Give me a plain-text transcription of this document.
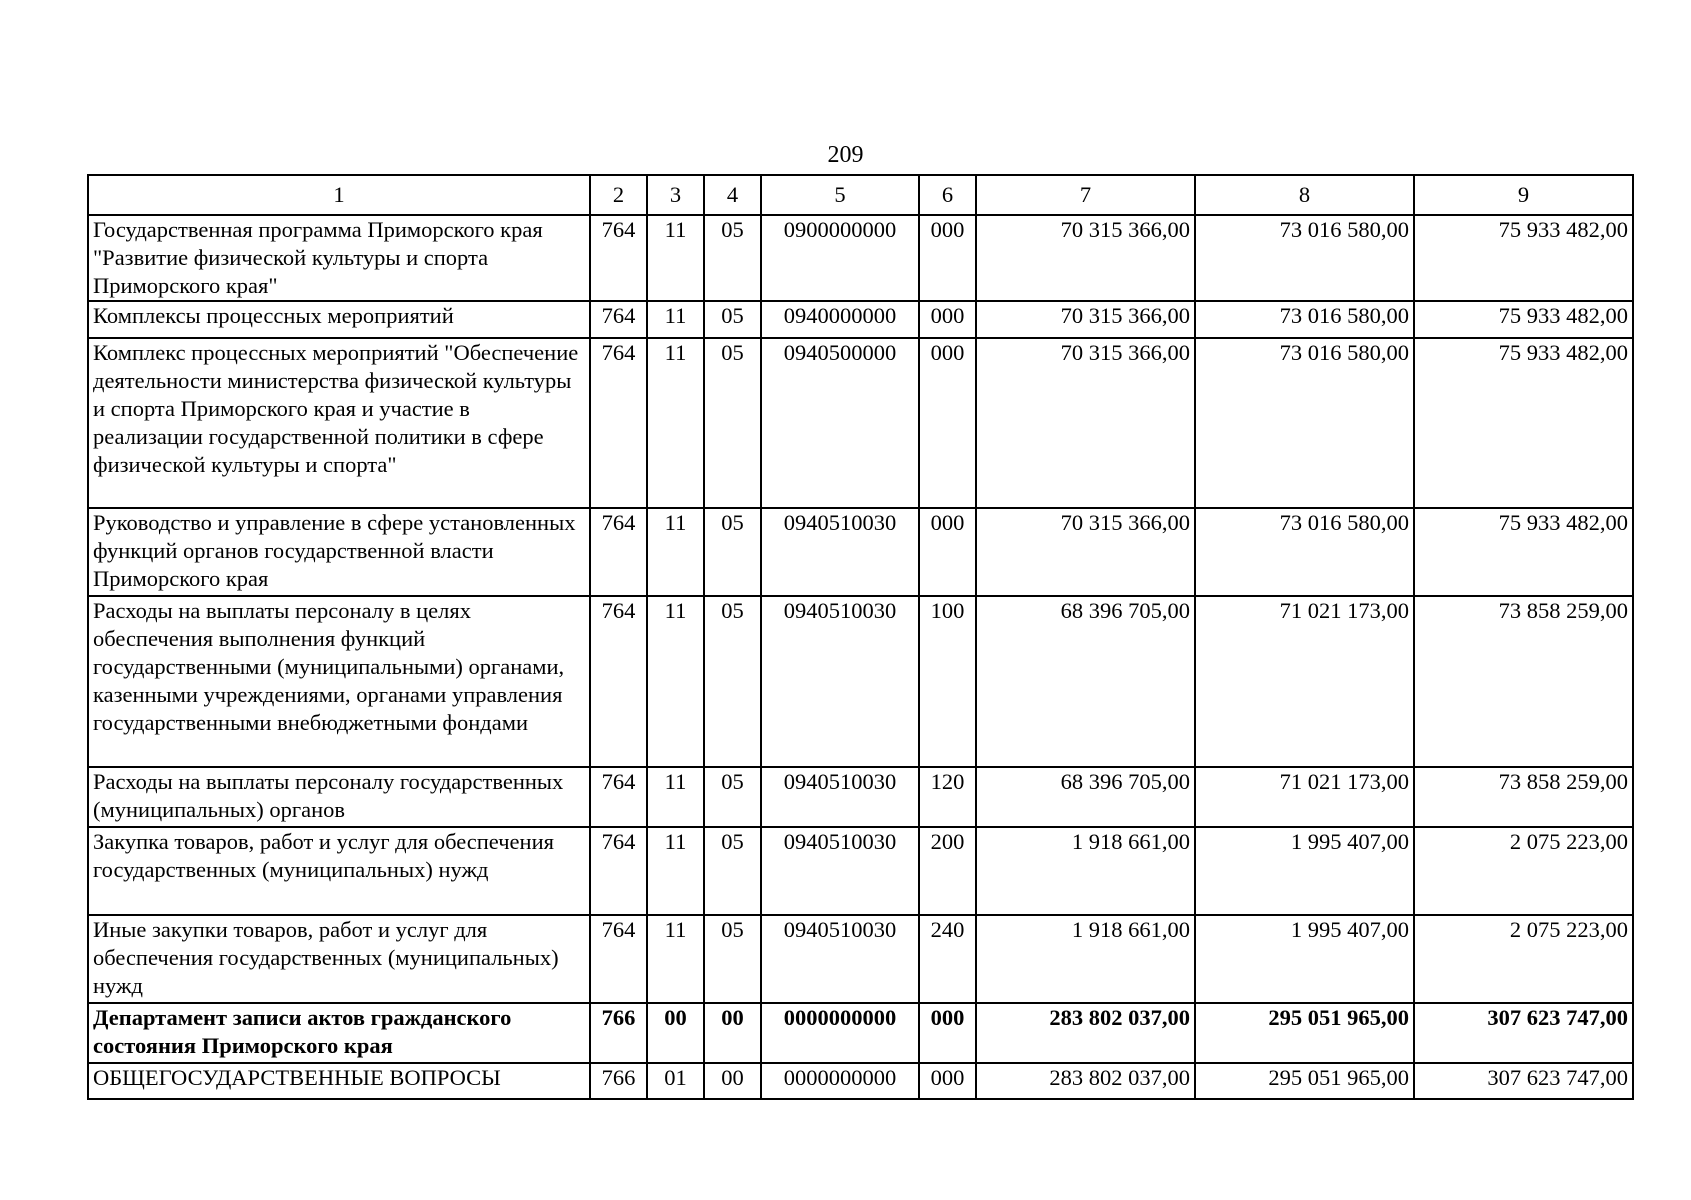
209
1	2	3	4	5	6	7	8	9
Государственная программа Приморского края "Развитие физической культуры и спорта Приморского края"	764	11	05	0900000000	000	70 315 366,00	73 016 580,00	75 933 482,00
Комплексы процессных мероприятий	764	11	05	0940000000	000	70 315 366,00	73 016 580,00	75 933 482,00
Комплекс процессных мероприятий "Обеспечение деятельности министерства физической культуры и спорта Приморского края и участие в реализации государственной политики в сфере физической культуры и спорта"	764	11	05	0940500000	000	70 315 366,00	73 016 580,00	75 933 482,00
Руководство и управление в сфере установленных функций органов государственной власти Приморского края	764	11	05	0940510030	000	70 315 366,00	73 016 580,00	75 933 482,00
Расходы на выплаты персоналу в целях обеспечения выполнения функций государственными (муниципальными) органами, казенными учреждениями, органами управления государственными внебюджетными фондами	764	11	05	0940510030	100	68 396 705,00	71 021 173,00	73 858 259,00
Расходы на выплаты персоналу государственных (муниципальных) органов	764	11	05	0940510030	120	68 396 705,00	71 021 173,00	73 858 259,00
Закупка товаров, работ и услуг для обеспечения государственных (муниципальных) нужд	764	11	05	0940510030	200	1 918 661,00	1 995 407,00	2 075 223,00
Иные закупки товаров, работ и услуг для обеспечения государственных (муниципальных) нужд	764	11	05	0940510030	240	1 918 661,00	1 995 407,00	2 075 223,00
Департамент записи актов гражданского состояния Приморского края	766	00	00	0000000000	000	283 802 037,00	295 051 965,00	307 623 747,00
ОБЩЕГОСУДАРСТВЕННЫЕ ВОПРОСЫ	766	01	00	0000000000	000	283 802 037,00	295 051 965,00	307 623 747,00
